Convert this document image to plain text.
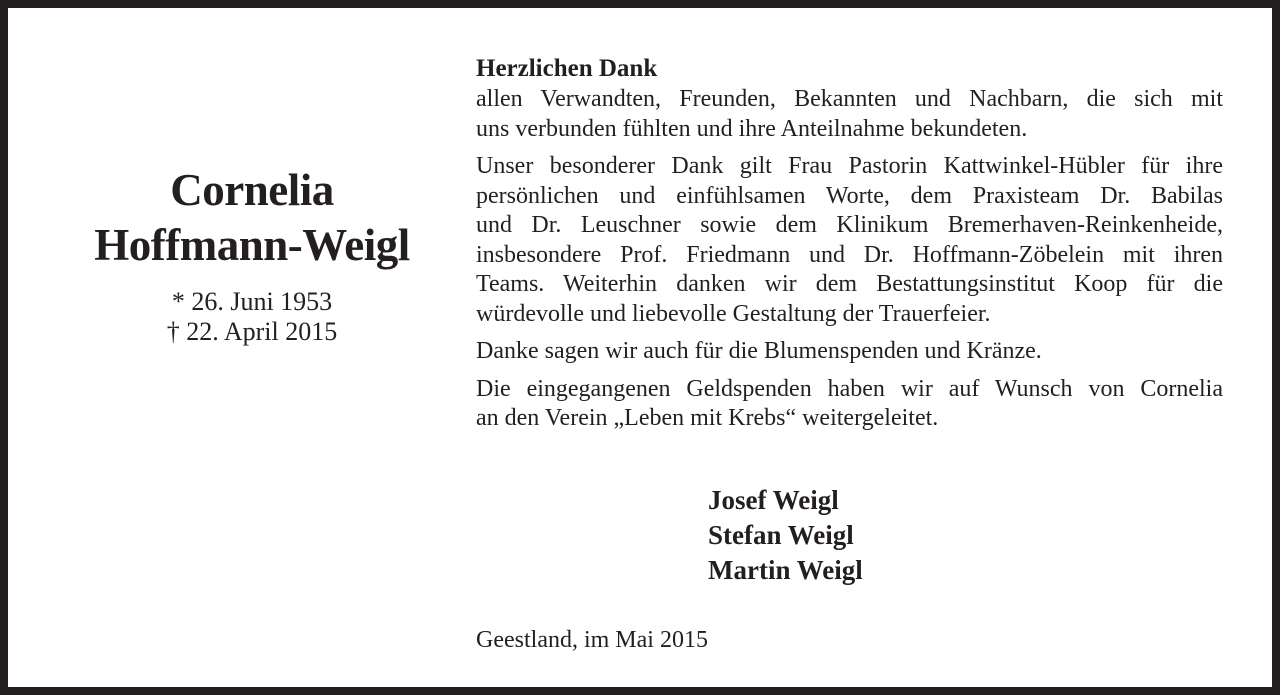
Cornelia
Hoffmann-Weigl
* 26. Juni 1953
† 22. April 2015
Herzlichen Dank
allen Verwandten, Freunden, Bekannten und Nachbarn, die sich mit
uns verbunden fühlten und ihre Anteilnahme bekundeten.
Unser besonderer Dank gilt Frau Pastorin Kattwinkel-Hübler für ihre
persönlichen und einfühlsamen Worte, dem Praxisteam Dr. Babilas
und Dr. Leuschner sowie dem Klinikum Bremerhaven-Reinkenheide,
insbesondere Prof. Friedmann und Dr. Hoffmann-Zöbelein mit ihren
Teams. Weiterhin danken wir dem Bestattungsinstitut Koop für die
würdevolle und liebevolle Gestaltung der Trauerfeier.
Danke sagen wir auch für die Blumenspenden und Kränze.
Die eingegangenen Geldspenden haben wir auf Wunsch von Cornelia
an den Verein „Leben mit Krebs“ weitergeleitet.
Josef Weigl
Stefan Weigl
Martin Weigl
Geestland, im Mai 2015
